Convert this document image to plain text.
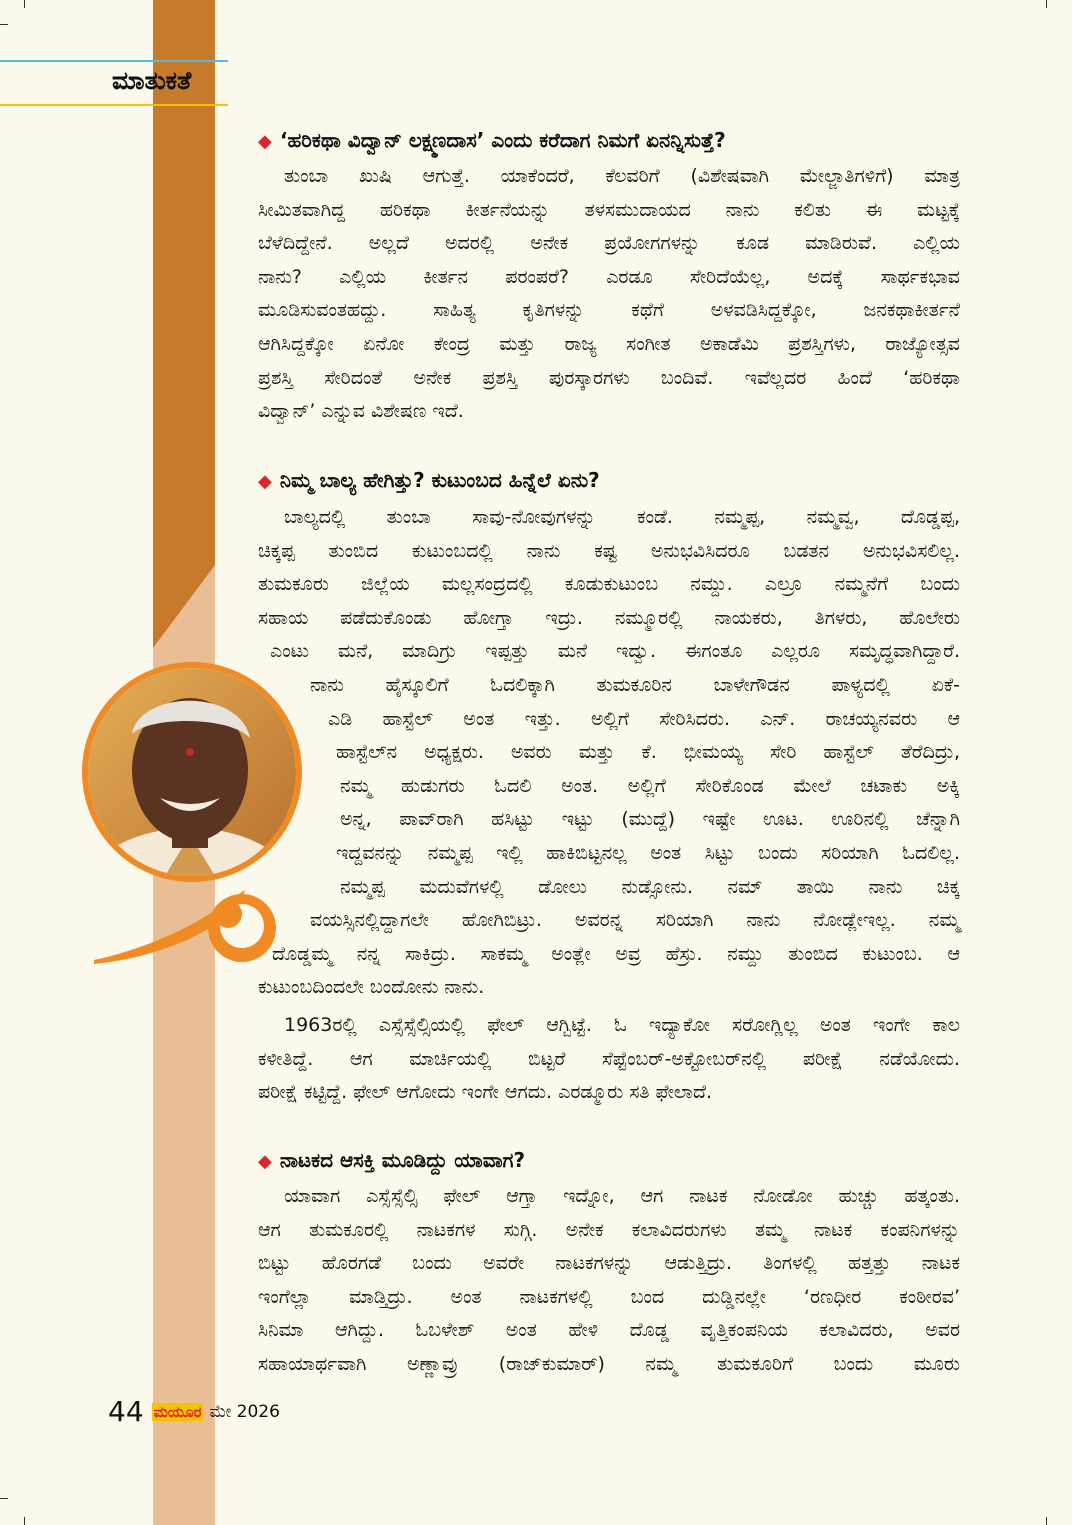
ಮಾತುಕತೆ
◆ ‘ಹರಿಕಥಾ ವಿದ್ವಾನ್ ಲಕ್ಷ್ಮಣದಾಸ’ ಎಂದು ಕರೆದಾಗ ನಿಮಗೆ ಏನನ್ನಿಸುತ್ತೆ?
ತುಂಬಾ ಖುಷಿ ಆಗುತ್ತೆ. ಯಾಕೆಂದರೆ, ಕೆಲವರಿಗೆ (ವಿಶೇಷವಾಗಿ ಮೇಲ್ಜಾತಿಗಳಿಗೆ) ಮಾತ್ರ
ಸೀಮಿತವಾಗಿದ್ದ ಹರಿಕಥಾ ಕೀರ್ತನೆಯನ್ನು ತಳಸಮುದಾಯದ ನಾನು ಕಲಿತು ಈ ಮಟ್ಟಕ್ಕೆ
ಬೆಳೆದಿದ್ದೇನೆ. ಅಲ್ಲದೆ ಅದರಲ್ಲಿ ಅನೇಕ ಪ್ರಯೋಗಗಳನ್ನು ಕೂಡ ಮಾಡಿರುವೆ. ಎಲ್ಲಿಯ
ನಾನು? ಎಲ್ಲಿಯ ಕೀರ್ತನ ಪರಂಪರೆ? ಎರಡೂ ಸೇರಿದೆಯೆಲ್ಲ, ಅದಕ್ಕೆ ಸಾರ್ಥಕಭಾವ
ಮೂಡಿಸುವಂತಹದ್ದು. ಸಾಹಿತ್ಯ ಕೃತಿಗಳನ್ನು ಕಥೆಗೆ ಅಳವಡಿಸಿದ್ದಕ್ಕೋ, ಜನಕಥಾಕೀರ್ತನೆ
ಆಗಿಸಿದ್ದಕ್ಕೋ ಏನೋ ಕೇಂದ್ರ ಮತ್ತು ರಾಜ್ಯ ಸಂಗೀತ ಅಕಾಡೆಮಿ ಪ್ರಶಸ್ತಿಗಳು, ರಾಜ್ಯೋತ್ಸವ
ಪ್ರಶಸ್ತಿ ಸೇರಿದಂತೆ ಅನೇಕ ಪ್ರಶಸ್ತಿ ಪುರಸ್ಕಾರಗಳು ಬಂದಿವೆ. ಇವೆಲ್ಲದರ ಹಿಂದೆ ‘ಹರಿಕಥಾ
ವಿದ್ವಾನ್’ ಎನ್ನುವ ವಿಶೇಷಣ ಇದೆ.
◆ ನಿಮ್ಮ ಬಾಲ್ಯ ಹೇಗಿತ್ತು? ಕುಟುಂಬದ ಹಿನ್ನೆಲೆ ಏನು?
ಬಾಲ್ಯದಲ್ಲಿ ತುಂಬಾ ಸಾವು-ನೋವುಗಳನ್ನು ಕಂಡೆ. ನಮ್ಮಪ್ಪ, ನಮ್ಮವ್ವ, ದೊಡ್ಡಪ್ಪ,
ಚಿಕ್ಕಪ್ಪ ತುಂಬಿದ ಕುಟುಂಬದಲ್ಲಿ ನಾನು ಕಷ್ಟ ಅನುಭವಿಸಿದರೂ ಬಡತನ ಅನುಭವಿಸಲಿಲ್ಲ.
ತುಮಕೂರು ಜಿಲ್ಲೆಯ ಮಲ್ಲಸಂದ್ರದಲ್ಲಿ ಕೂಡುಕುಟುಂಬ ನಮ್ದು. ಎಲ್ರೂ ನಮ್ಮನೆಗೆ ಬಂದು
ಸಹಾಯ ಪಡೆದುಕೊಂಡು ಹೋಗ್ತಾ ಇದ್ರು. ನಮ್ಮೂರಲ್ಲಿ ನಾಯಕರು, ತಿಗಳರು, ಹೊಲೇರು
ಎಂಟು ಮನೆ, ಮಾದಿಗ್ರು ಇಪ್ಪತ್ತು ಮನೆ ಇದ್ವು. ಈಗಂತೂ ಎಲ್ಲರೂ ಸಮೃದ್ಧವಾಗಿದ್ದಾರೆ.
ನಾನು ಹೈಸ್ಕೂಲಿಗೆ ಓದಲಿಕ್ಕಾಗಿ ತುಮಕೂರಿನ ಬಾಳೇಗೌಡನ ಪಾಳ್ಯದಲ್ಲಿ ಏಕೆ-
ಎಡಿ ಹಾಸ್ಟೆಲ್ ಅಂತ ಇತ್ತು. ಅಲ್ಲಿಗೆ ಸೇರಿಸಿದರು. ಎನ್. ರಾಚಯ್ಯನವರು ಆ
ಹಾಸ್ಟೆಲ್‌ನ ಅಧ್ಯಕ್ಷರು. ಅವರು ಮತ್ತು ಕೆ. ಭೀಮಯ್ಯ ಸೇರಿ ಹಾಸ್ಟೆಲ್ ತೆರೆದಿದ್ರು,
ನಮ್ಮ ಹುಡುಗರು ಓದಲಿ ಅಂತ. ಅಲ್ಲಿಗೆ ಸೇರಿಕೊಂಡ ಮೇಲೆ ಚಟಾಕು ಅಕ್ಕಿ
ಅನ್ನ, ಪಾವ್‌ರಾಗಿ ಹಸಿಟ್ಟು ಇಟ್ಟು (ಮುದ್ದೆ) ಇಷ್ಟೇ ಊಟ. ಊರಿನಲ್ಲಿ ಚೆನ್ನಾಗಿ
ಇದ್ದವನನ್ನು ನಮ್ಮಪ್ಪ ಇಲ್ಲಿ ಹಾಕಿಬಿಟ್ಟನಲ್ಲ ಅಂತ ಸಿಟ್ಟು ಬಂದು ಸರಿಯಾಗಿ ಓದಲಿಲ್ಲ.
ನಮ್ಮಪ್ಪ ಮದುವೆಗಳಲ್ಲಿ ಡೋಲು ನುಡ್ಸೋನು. ನಮ್ ತಾಯಿ ನಾನು ಚಿಕ್ಕ
ವಯಸ್ಸಿನಲ್ಲಿದ್ದಾಗಲೇ ಹೋಗಿಬಿಟ್ರು. ಅವರನ್ನ ಸರಿಯಾಗಿ ನಾನು ನೋಡ್ಲೇಇಲ್ಲ. ನಮ್ಮ
ದೊಡ್ಡಮ್ಮ ನನ್ನ ಸಾಕಿದ್ರು. ಸಾಕಮ್ಮ ಅಂತ್ಲೇ ಅವ್ರ ಹೆಸ್ರು. ನಮ್ದು ತುಂಬಿದ ಕುಟುಂಬ. ಆ
ಕುಟುಂಬದಿಂದಲೇ ಬಂದೋನು ನಾನು.
1963ರಲ್ಲಿ ಎಸ್ಸೆಸ್ಸೆಲ್ಸಿಯಲ್ಲಿ ಫೇಲ್ ಆಗ್ಬಿಟ್ಟೆ. ಓ ಇದ್ಯಾಕೋ ಸರೋಗ್ಲಿಲ್ಲ ಅಂತ ಇಂಗೇ ಕಾಲ
ಕಳೀತಿದ್ದೆ. ಆಗ ಮಾರ್ಚಿಯಲ್ಲಿ ಬಿಟ್ಟರೆ ಸೆಪ್ಟೆಂಬರ್-ಅಕ್ಟೋಬರ್‌ನಲ್ಲಿ ಪರೀಕ್ಷೆ ನಡೆಯೋದು.
ಪರೀಕ್ಷೆ ಕಟ್ಟಿದ್ದೆ. ಫೇಲ್ ಆಗೋದು ಇಂಗೇ ಆಗದು. ಎರಡ್ಮೂರು ಸತಿ ಫೇಲಾದೆ.
◆ ನಾಟಕದ ಆಸಕ್ತಿ ಮೂಡಿದ್ದು ಯಾವಾಗ?
ಯಾವಾಗ ಎಸ್ಸೆಸ್ಸೆಲ್ಸಿ ಫೇಲ್ ಆಗ್ತಾ ಇದ್ನೋ, ಆಗ ನಾಟಕ ನೋಡೋ ಹುಚ್ಚು ಹತ್ಕಂತು.
ಆಗ ತುಮಕೂರಲ್ಲಿ ನಾಟಕಗಳ ಸುಗ್ಗಿ. ಅನೇಕ ಕಲಾವಿದರುಗಳು ತಮ್ಮ ನಾಟಕ ಕಂಪನಿಗಳನ್ನು
ಬಿಟ್ಟು ಹೊರಗಡೆ ಬಂದು ಅವರೇ ನಾಟಕಗಳನ್ನು ಆಡುತ್ತಿದ್ರು. ತಿಂಗಳಲ್ಲಿ ಹತ್ತತ್ತು ನಾಟಕ
ಇಂಗೆಲ್ಲಾ ಮಾಡ್ತಿದ್ರು. ಅಂತ ನಾಟಕಗಳಲ್ಲಿ ಬಂದ ದುಡ್ಡಿನಲ್ಲೇ ‘ರಣಧೀರ ಕಂಠೀರವ’
ಸಿನಿಮಾ ಆಗಿದ್ದು. ಓಬಳೇಶ್ ಅಂತ ಹೇಳಿ ದೊಡ್ಡ ವೃತ್ತಿಕಂಪನಿಯ ಕಲಾವಿದರು, ಅವರ
ಸಹಾಯಾರ್ಥವಾಗಿ ಅಣ್ಣಾವ್ರು (ರಾಜ್‌ಕುಮಾರ್) ನಮ್ಮ ತುಮಕೂರಿಗೆ ಬಂದು ಮೂರು
44 ಮಯೂರ ಮೇ 2026
